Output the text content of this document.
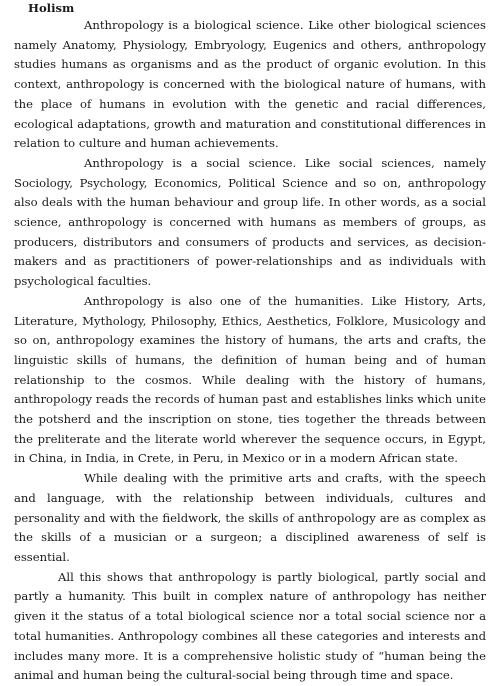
Holism

Anthropology is a biological science. Like other biological sciences namely Anatomy, Physiology, Embryology, Eugenics and others, anthropology studies humans as organisms and as the product of organic evolution. In this context, anthropology is concerned with the biological nature of humans, with the place of humans in evolution with the genetic and racial differences, ecological adaptations, growth and maturation and constitutional differences in relation to culture and human achievements.

Anthropology is a social science. Like social sciences, namely Sociology, Psychology, Economics, Political Science and so on, anthropology also deals with the human behaviour and group life. In other words, as a social science, anthropology is concerned with humans as members of groups, as producers, distributors and consumers of products and services, as decision-makers and as practitioners of power-relationships and as individuals with psychological faculties.

Anthropology is also one of the humanities. Like History, Arts, Literature, Mythology, Philosophy, Ethics, Aesthetics, Folklore, Musicology and so on, anthropology examines the history of humans, the arts and crafts, the linguistic skills of humans, the definition of human being and of human relationship to the cosmos. While dealing with the history of humans, anthropology reads the records of human past and establishes links which unite the potsherd and the inscription on stone, ties together the threads between the preliterate and the literate world wherever the sequence occurs, in Egypt, in China, in India, in Crete, in Peru, in Mexico or in a modern African state.

While dealing with the primitive arts and crafts, with the speech and language, with the relationship between individuals, cultures and personality and with the fieldwork, the skills of anthropology are as complex as the skills of a musician or a surgeon; a disciplined awareness of self is essential.

All this shows that anthropology is partly biological, partly social and partly a humanity. This built in complex nature of anthropology has neither given it the status of a total biological science nor a total social science nor a total humanities. Anthropology combines all these categories and interests and includes many more. It is a comprehensive holistic study of “human being the animal and human being the cultural-social being through time and space.
